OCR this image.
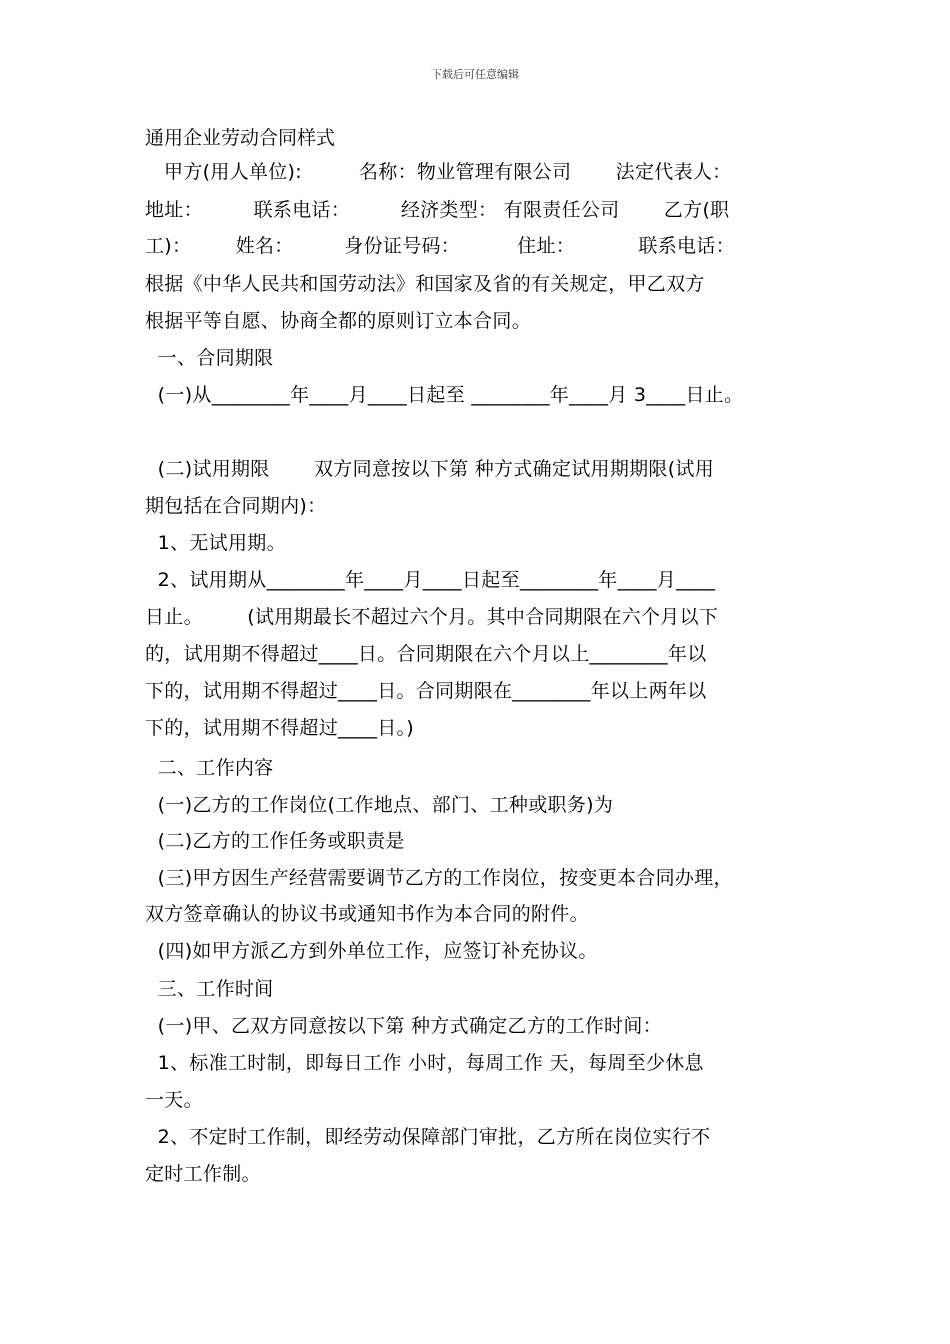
下载后可任意编辑
通用企业劳动合同样式
甲方(用人单位):         名称：物业管理有限公司       法定代表人：
地址：        联系电话：        经济类型： 有限责任公司       乙方(职
工)：       姓名：        身份证号码：         住址：          联系电话：
根据《中华人民共和国劳动法》和国家及省的有关规定，甲乙双方
根据平等自愿、协商全都的原则订立本合同。
一、合同期限
(一)从________年____月____日起至 ________年____月 3____日止。
(二)试用期限       双方同意按以下第 种方式确定试用期期限(试用
期包括在合同期内)：
1、无试用期。
2、试用期从________年____月____日起至________年____月____
日止。       (试用期最长不超过六个月。其中合同期限在六个月以下
的，试用期不得超过____日。合同期限在六个月以上________年以
下的，试用期不得超过____日。合同期限在________年以上两年以
下的，试用期不得超过____日。)
二、工作内容
(一)乙方的工作岗位(工作地点、部门、工种或职务)为
(二)乙方的工作任务或职责是
(三)甲方因生产经营需要调节乙方的工作岗位，按变更本合同办理，
双方签章确认的协议书或通知书作为本合同的附件。
(四)如甲方派乙方到外单位工作，应签订补充协议。
三、工作时间
(一)甲、乙双方同意按以下第 种方式确定乙方的工作时间：
1、标准工时制，即每日工作 小时，每周工作 天，每周至少休息
一天。
2、不定时工作制，即经劳动保障部门审批，乙方所在岗位实行不
定时工作制。
